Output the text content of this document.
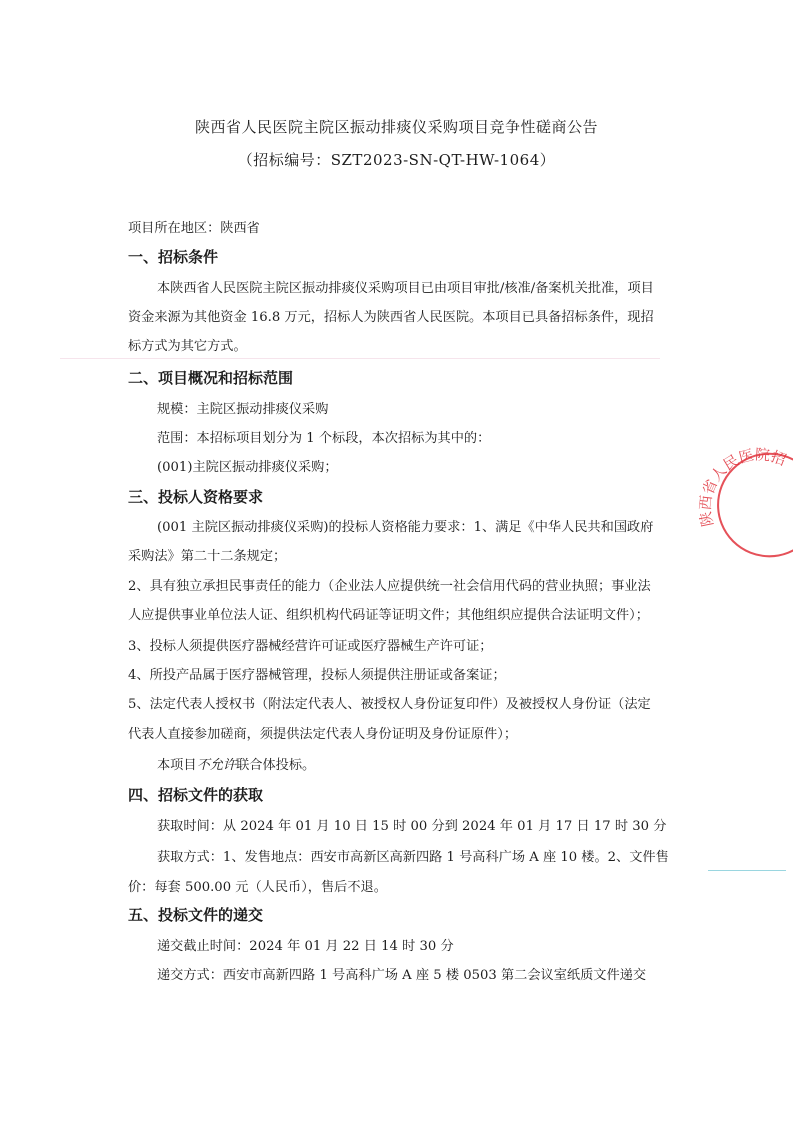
陕西省人民医院主院区振动排痰仪采购项目竞争性磋商公告
（招标编号：SZT2023-SN-QT-HW-1064）
项目所在地区：陕西省
一、招标条件
本陕西省人民医院主院区振动排痰仪采购项目已由项目审批/核准/备案机关批准，项目
资金来源为其他资金 16.8 万元，招标人为陕西省人民医院。本项目已具备招标条件，现招
标方式为其它方式。
二、项目概况和招标范围
规模：主院区振动排痰仪采购
范围：本招标项目划分为 1 个标段，本次招标为其中的：
(001)主院区振动排痰仪采购；
三、投标人资格要求
(001 主院区振动排痰仪采购)的投标人资格能力要求：1、满足《中华人民共和国政府
采购法》第二十二条规定；
2、具有独立承担民事责任的能力（企业法人应提供统一社会信用代码的营业执照；事业法
人应提供事业单位法人证、组织机构代码证等证明文件；其他组织应提供合法证明文件）；
3、投标人须提供医疗器械经营许可证或医疗器械生产许可证；
4、所投产品属于医疗器械管理，投标人须提供注册证或备案证；
5、法定代表人授权书（附法定代表人、被授权人身份证复印件）及被授权人身份证（法定
代表人直接参加磋商，须提供法定代表人身份证明及身份证原件）；
本项目不允许联合体投标。
四、招标文件的获取
获取时间：从 2024 年 01 月 10 日 15 时 00 分到 2024 年 01 月 17 日 17 时 30 分
获取方式：1、发售地点：西安市高新区高新四路 1 号高科广场 A 座 10 楼。2、文件售
价：每套 500.00 元（人民币），售后不退。
五、投标文件的递交
递交截止时间：2024 年 01 月 22 日 14 时 30 分
递交方式：西安市高新四路 1 号高科广场 A 座 5 楼 0503 第二会议室纸质文件递交
陕西省人民医院招标
